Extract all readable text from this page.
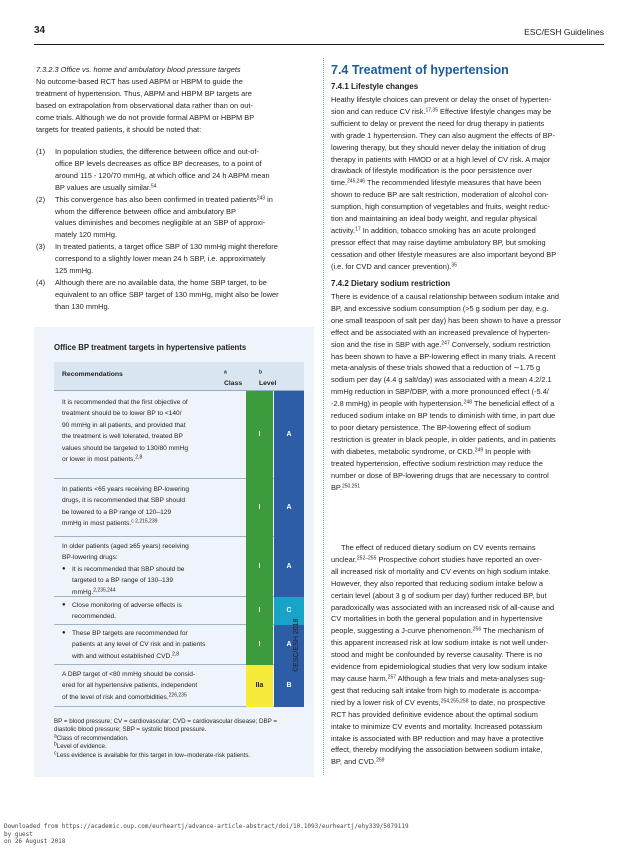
34	ESC/ESH Guidelines
7.3.2.3 Office vs. home and ambulatory blood pressure targets
No outcome-based RCT has used ABPM or HBPM to guide the
treatment of hypertension. Thus, ABPM and HBPM BP targets are
based on extrapolation from observational data rather than on out-
come trials. Although we do not provide formal ABPM or HBPM BP
targets for treated patients, it should be noted that:
(1) In population studies, the difference between office and out-of-
office BP levels decreases as office BP decreases, to a point of
around 115 - 120/70 mmHg, at which office and 24 h ABPM mean
BP values are usually similar.$^{54}$
(2) This convergence has also been confirmed in treated patients$^{243}$ in
whom the difference between office and ambulatory BP
values diminishes and becomes negligible at an SBP of approxi-
mately 120 mmHg.
(3) In treated patients, a target office SBP of 130 mmHg might therefore
correspond to a slightly lower mean 24 h SBP, i.e. approximately
125 mmHg.
(4) Although there are no available data, the home SBP target, to be
equivalent to an office SBP target of 130 mmHg, might also be lower
than 130 mmHg.
Office BP treatment targets in hypertensive patients
Recommendations
Class
$^a$
Level
$^b$
It is recommended that the first objective of
treatment should be to lower BP to <140/
90 mmHg in all patients, and provided that
the treatment is well tolerated, treated BP
values should be targeted to 130/80 mmHg
or lower in most patients.$^{2,8}$
I	A
In patients <65 years receiving BP-lowering
drugs, it is recommended that SBP should
be lowered to a BP range of 120–129
mmHg in most patients.$^{c 2,215,239}$
I	A
In older patients (aged ≥65 years) receiving
BP-lowering drugs:
● It is recommended that SBP should be
targeted to a BP range of 130–139
mmHg.$^{2,235,244}$
I	A
● Close monitoring of adverse effects is
recommended.
I	C
● These BP targets are recommended for
patients at any level of CV risk and in patients
with and without established CVD.$^{2,8}$
I	A
A DBP target of <80 mmHg should be consid-
ered for all hypertensive patients, independent
of the level of risk and comorbidities.$^{226,235}$
IIa	B
©ESC/ESH 2018
BP = blood pressure; CV = cardiovascular; CVD = cardiovascular disease; DBP =
diastolic blood pressure; SBP = systolic blood pressure.
$^a$Class of recommendation.
$^b$Level of evidence.
$^c$Less evidence is available for this target in low–moderate-risk patients.
7.4 Treatment of hypertension
7.4.1 Lifestyle changes
Heathy lifestyle choices can prevent or delay the onset of hyperten-
sion and can reduce CV risk.$^{17,35}$ Effective lifestyle changes may be
sufficient to delay or prevent the need for drug therapy in patients
with grade 1 hypertension. They can also augment the effects of BP-
lowering therapy, but they should never delay the initiation of drug
therapy in patients with HMOD or at a high level of CV risk. A major
drawback of lifestyle modification is the poor persistence over
time.$^{245,246}$ The recommended lifestyle measures that have been
shown to reduce BP are salt restriction, moderation of alcohol con-
sumption, high consumption of vegetables and fruits, weight reduc-
tion and maintaining an ideal body weight, and regular physical
activity.$^{17}$ In addition, tobacco smoking has an acute prolonged
pressor effect that may raise daytime ambulatory BP, but smoking
cessation and other lifestyle measures are also important beyond BP
(i.e. for CVD and cancer prevention).$^{35}$
7.4.2 Dietary sodium restriction
There is evidence of a causal relationship between sodium intake and
BP, and excessive sodium consumption (>5 g sodium per day, e.g.
one small teaspoon of salt per day) has been shown to have a pressor
effect and be associated with an increased prevalence of hyperten-
sion and the rise in SBP with age.$^{247}$ Conversely, sodium restriction
has been shown to have a BP-lowering effect in many trials. A recent
meta-analysis of these trials showed that a reduction of ∼1.75 g
sodium per day (4.4 g salt/day) was associated with a mean 4.2/2.1
mmHg reduction in SBP/DBP, with a more pronounced effect (-5.4/
-2.8 mmHg) in people with hypertension.$^{248}$ The beneficial effect of a
reduced sodium intake on BP tends to diminish with time, in part due
to poor dietary persistence. The BP-lowering effect of sodium
restriction is greater in black people, in older patients, and in patients
with diabetes, metabolic syndrome, or CKD.$^{249}$ In people with
treated hypertension, effective sodium restriction may reduce the
number or dose of BP-lowering drugs that are necessary to control
BP.$^{250,251}$
The effect of reduced dietary sodium on CV events remains
unclear.$^{252-255}$ Prospective cohort studies have reported an over-
all increased risk of mortality and CV events on high sodium intake.
However, they also reported that reducing sodium intake below a
certain level (about 3 g of sodium per day) further reduced BP, but
paradoxically was associated with an increased risk of all-cause and
CV mortalities in both the general population and in hypertensive
people, suggesting a J-curve phenomenon.$^{256}$ The mechanism of
this apparent increased risk at low sodium intake is not well under-
stood and might be confounded by reverse causality. There is no
evidence from epidemiological studies that very low sodium intake
may cause harm.$^{257}$ Although a few trials and meta-analyses sug-
gest that reducing salt intake from high to moderate is accompa-
nied by a lower risk of CV events,$^{254,255,258}$ to date, no prospective
RCT has provided definitive evidence about the optimal sodium
intake to minimize CV events and mortality. Increased potassium
intake is associated with BP reduction and may have a protective
effect, thereby modifying the association between sodium intake,
BP, and CVD.$^{259}$
Downloaded from https://academic.oup.com/eurheartj/advance-article-abstract/doi/10.1093/eurheartj/ehy339/5079119
by guest
on 26 August 2018
